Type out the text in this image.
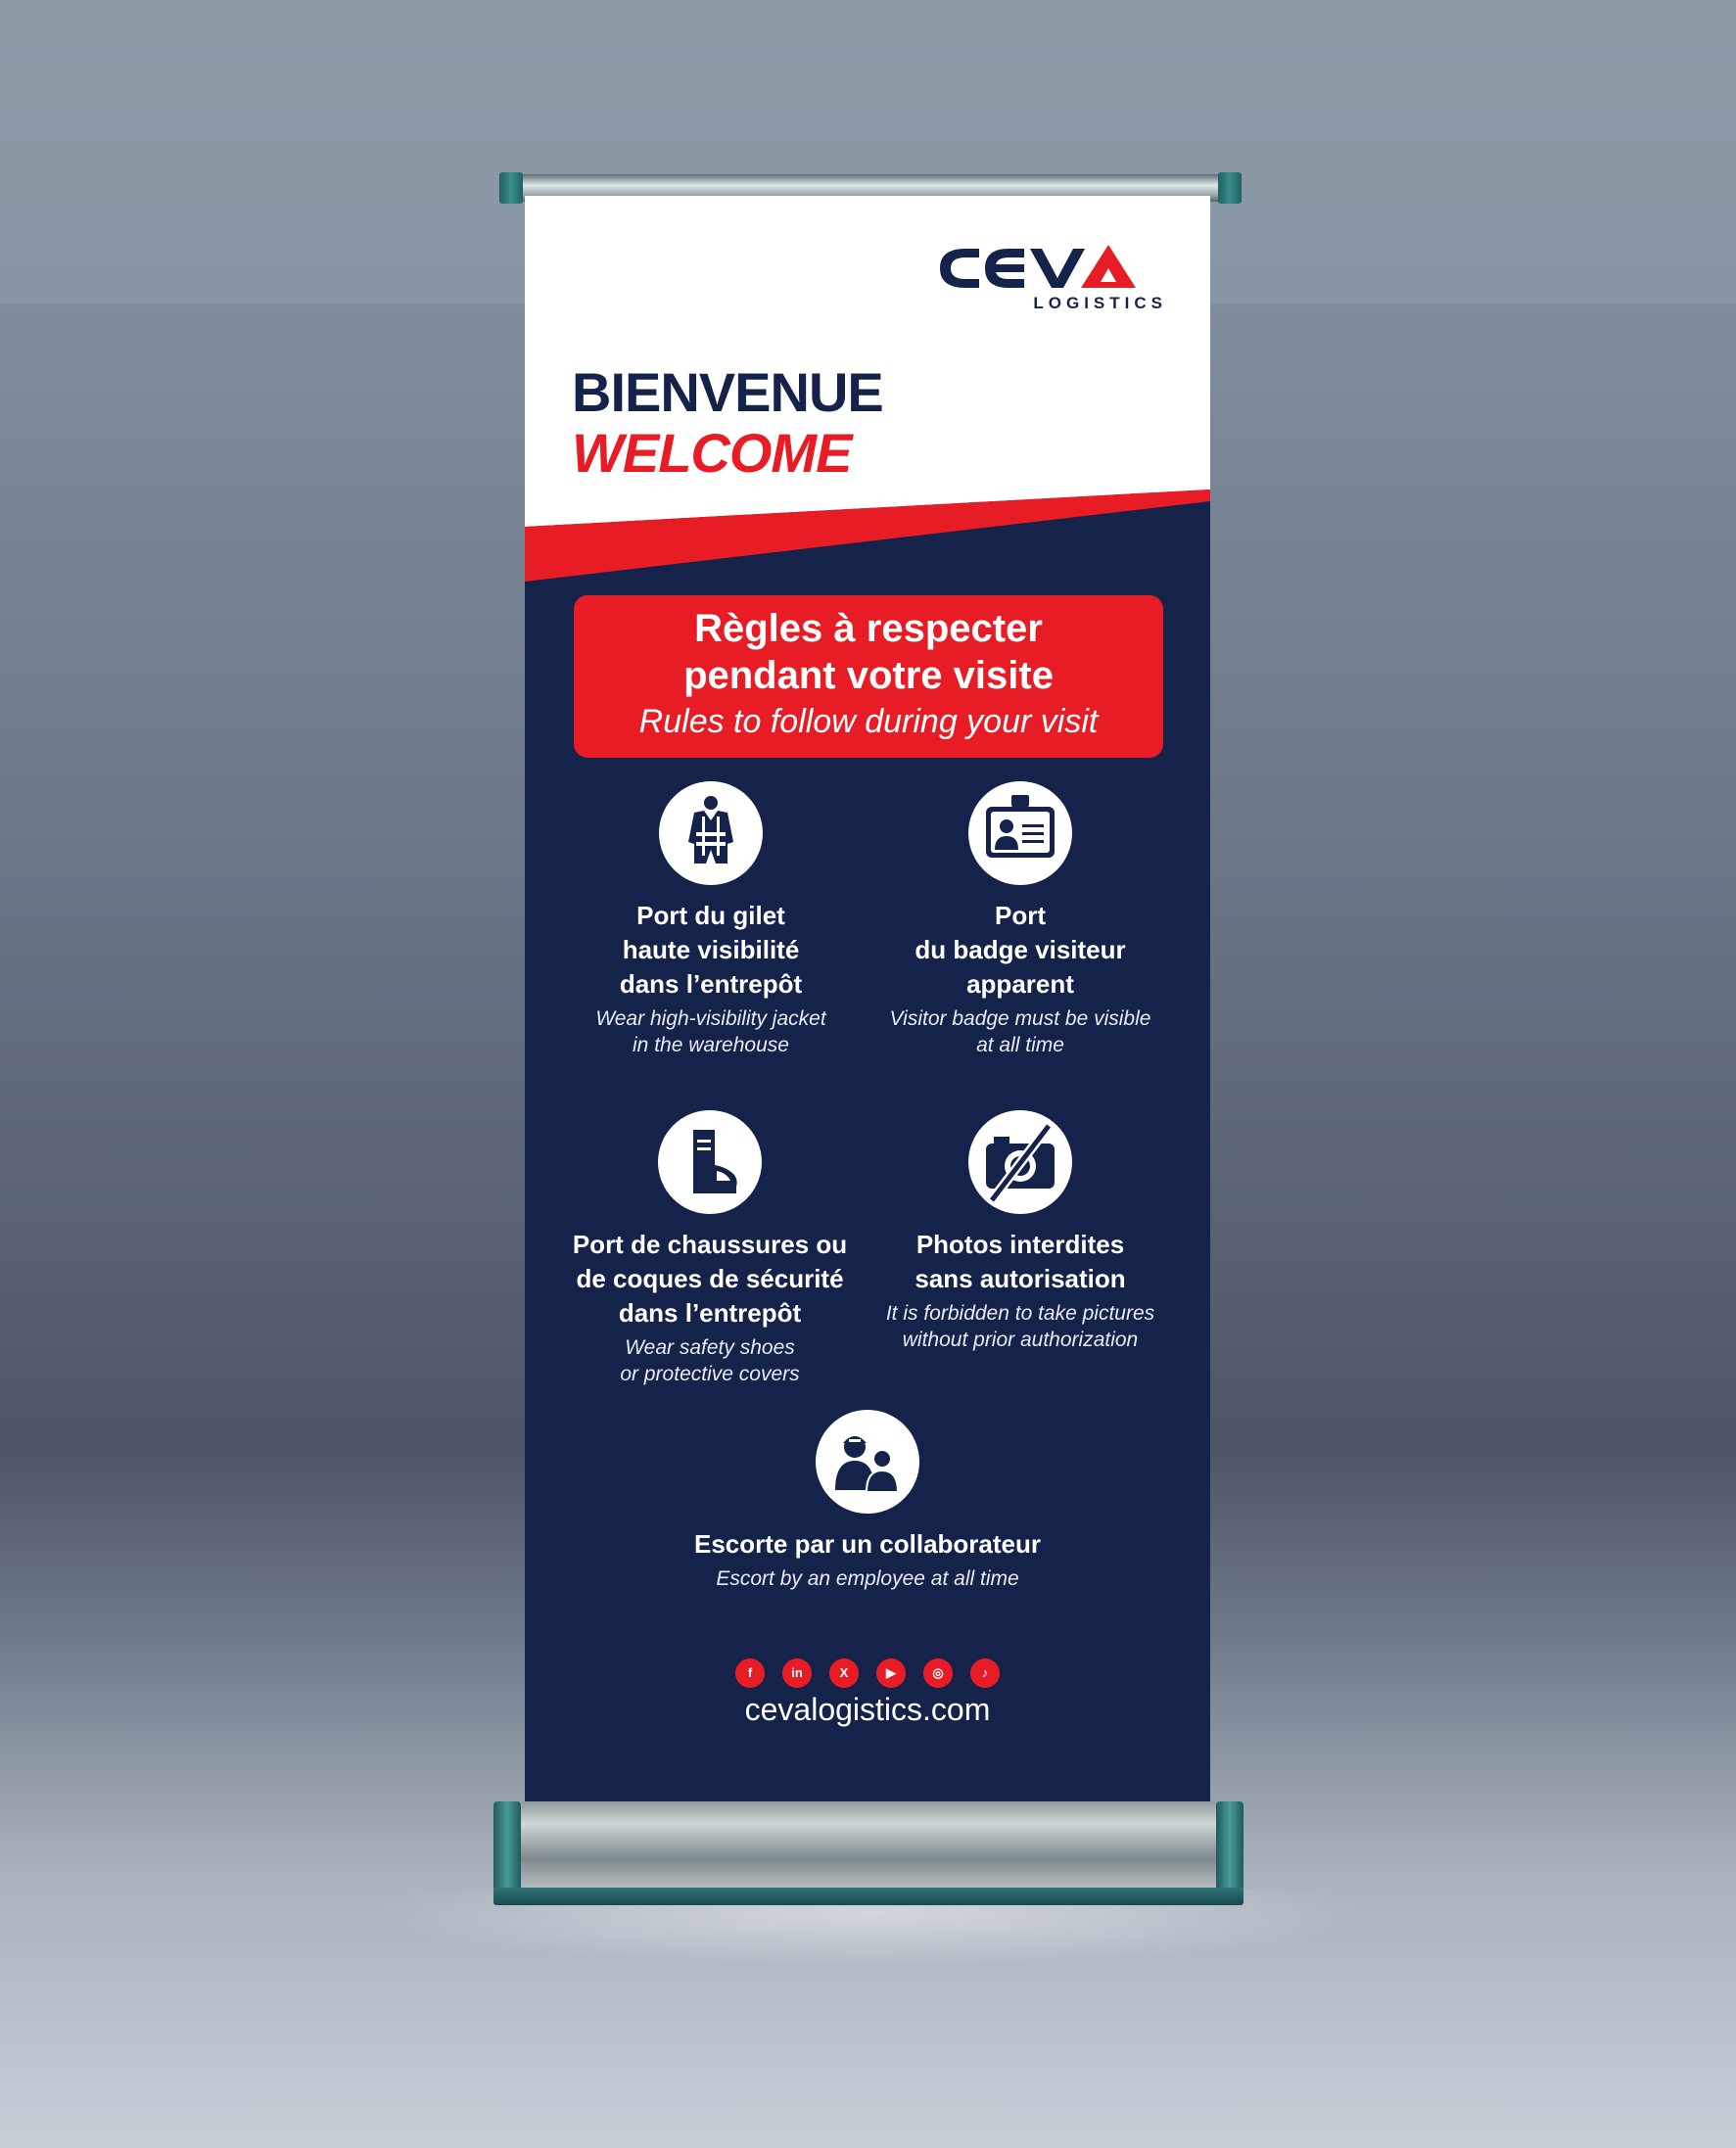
LOGISTICS
BIENVENUE
WELCOME
Règles à respecter
pendant votre visite
Rules to follow during your visit
Port du gilet
haute visibilité
dans l’entrepôt
Wear high-visibility jacket
in the warehouse
Port
du badge visiteur
apparent
Visitor badge must be visible
at all time
Port de chaussures ou
de coques de sécurité
dans l’entrepôt
Wear safety shoes
or protective covers
Photos interdites
sans autorisation
It is forbidden to take pictures
without prior authorization
Escorte par un collaborateur
Escort by an employee at all time
f	in	X	▶	◎	♪
cevalogistics.com
